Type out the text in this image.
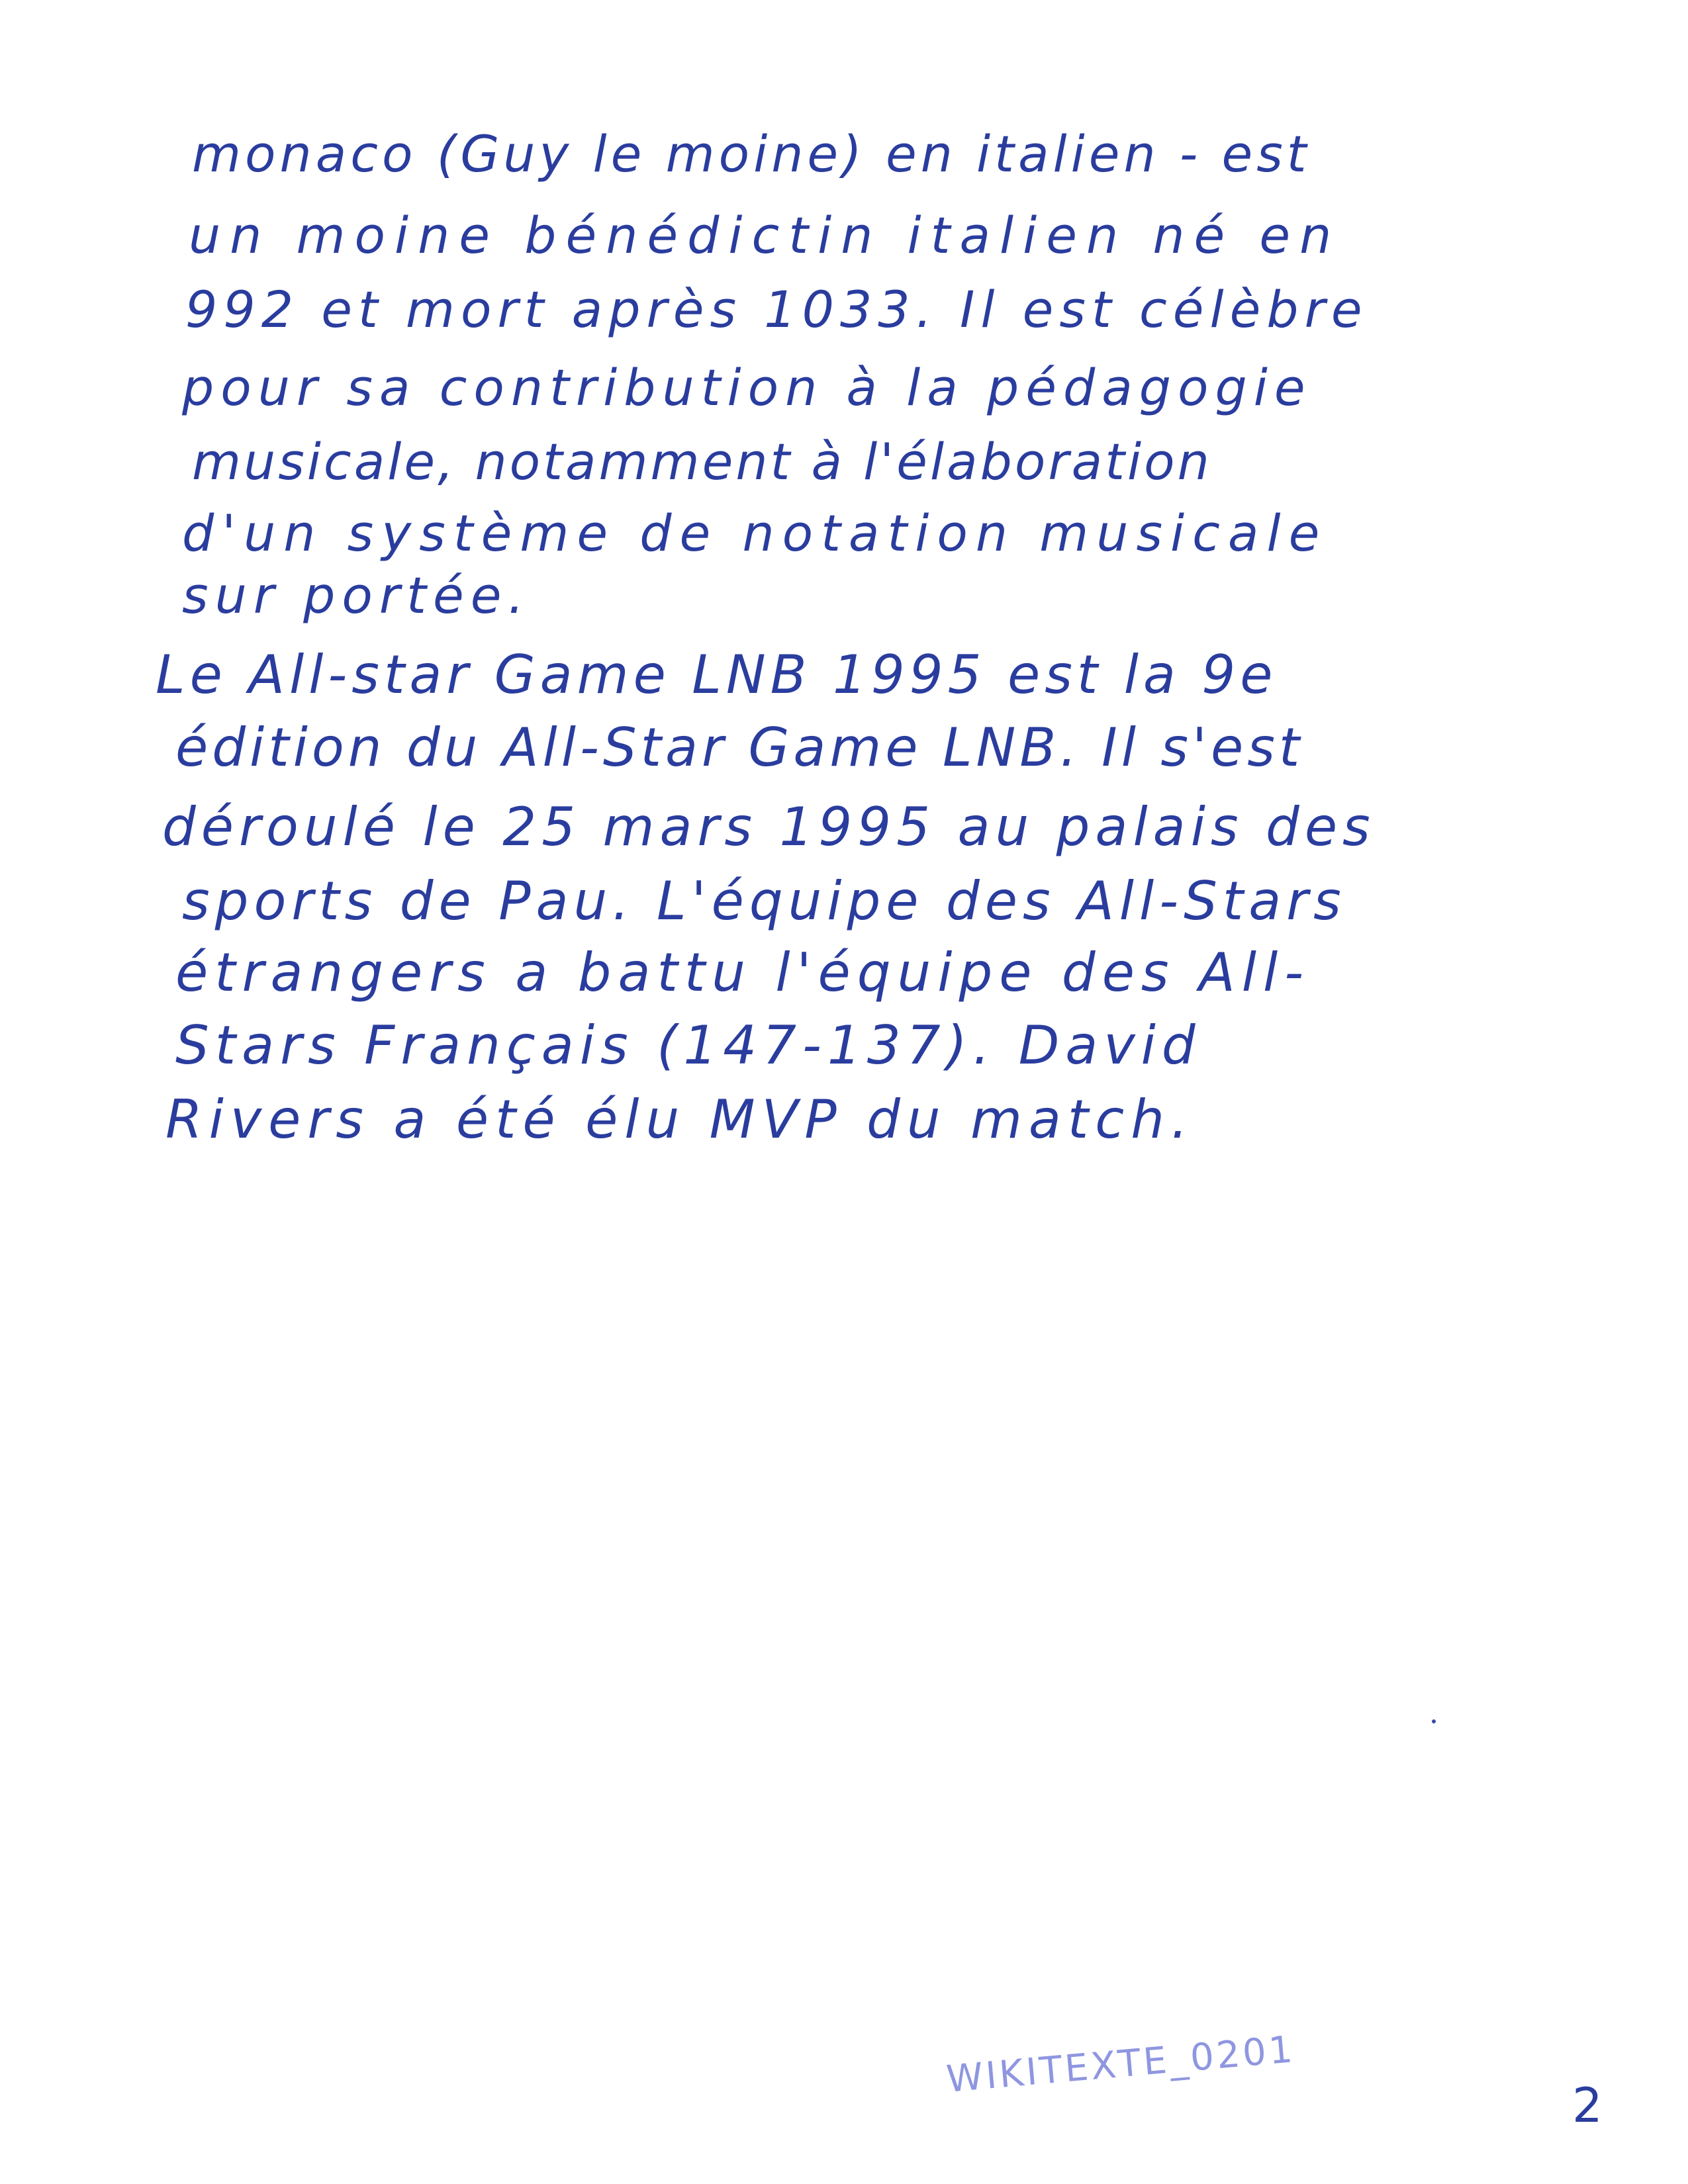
monaco (Guy le moine) en italien - est
un moine bénédictin italien né en
992 et mort après 1033. Il est célèbre
pour sa contribution à la pédagogie
musicale, notamment à l'élaboration
d'un système de notation musicale
sur portée.
Le All-star Game LNB 1995 est la 9e
édition du All-Star Game LNB. Il s'est
déroulé le 25 mars 1995 au palais des
sports de Pau. L'équipe des All-Stars
étrangers a battu l'équipe des All-
Stars Français (147-137). David
Rivers a été élu MVP du match.
WIKITEXTE_0201
2
